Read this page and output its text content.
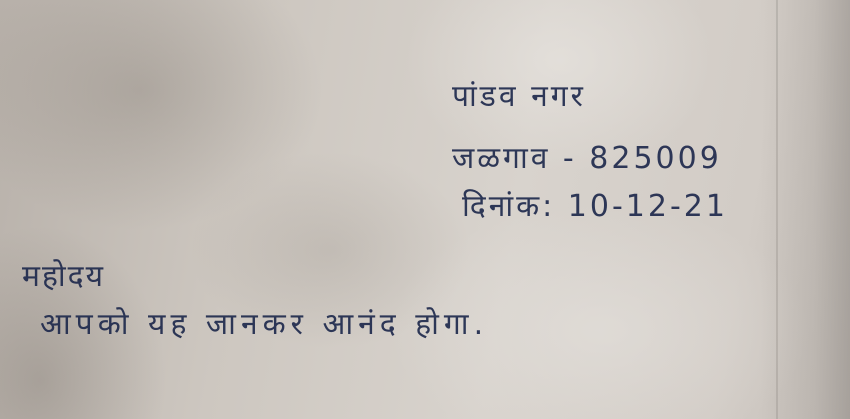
पांडव नगर

जळगाव - 825009

दिनांक: 10-12-21

महोदय

आपको यह जानकर आनंद होगा.
